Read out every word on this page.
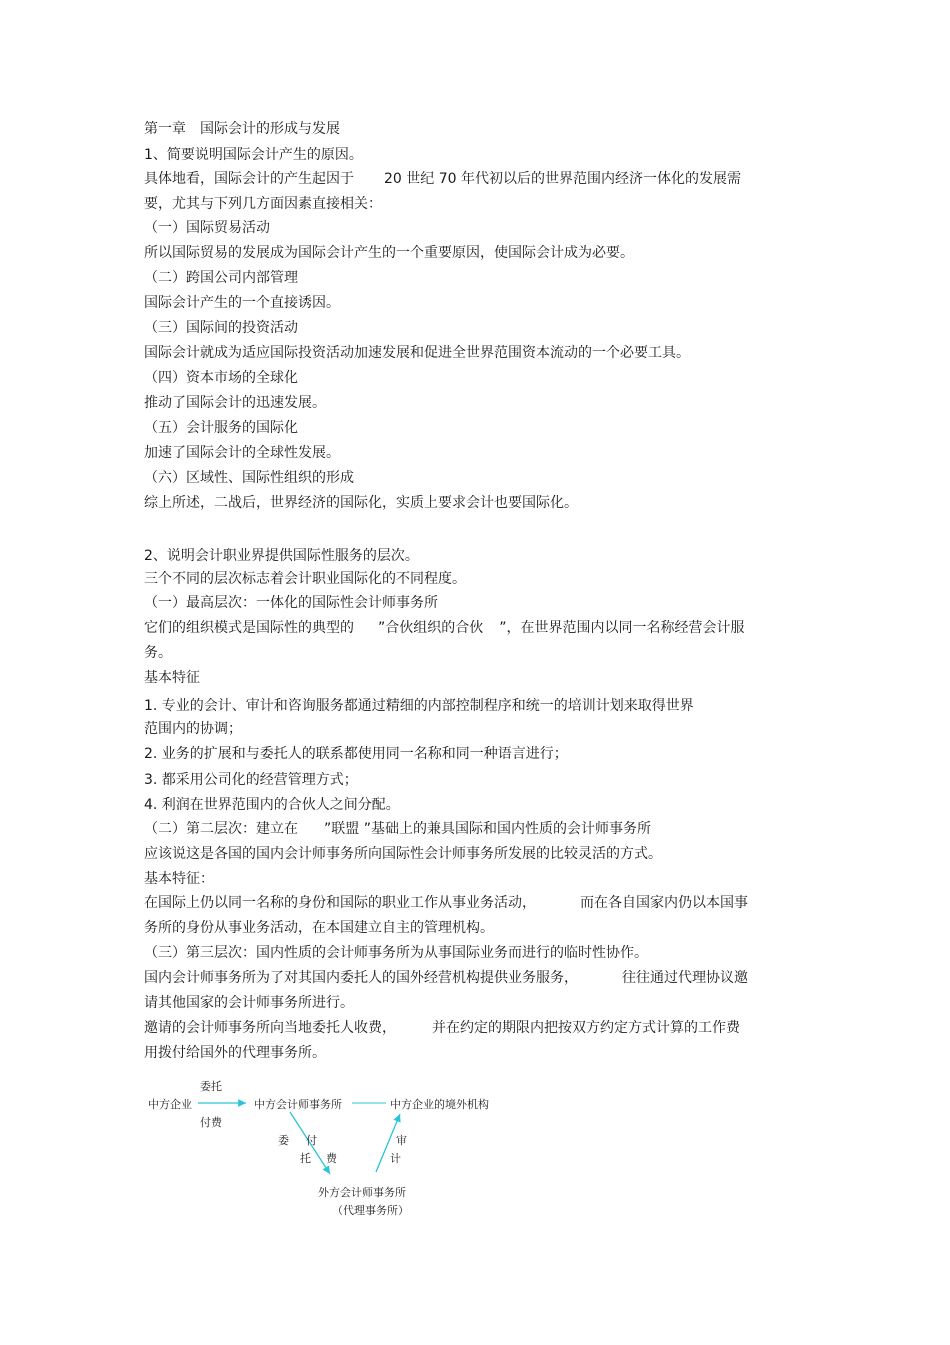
第一章　国际会计的形成与发展
1、简要说明国际会计产生的原因。
具体地看，国际会计的产生起因于 20 世纪 70 年代初以后的世界范围内经济一体化的发展需
要，尤其与下列几方面因素直接相关：
（一）国际贸易活动
所以国际贸易的发展成为国际会计产生的一个重要原因，使国际会计成为必要。
（二）跨国公司内部管理
国际会计产生的一个直接诱因。
（三）国际间的投资活动
国际会计就成为适应国际投资活动加速发展和促进全世界范围资本流动的一个必要工具。
（四）资本市场的全球化
推动了国际会计的迅速发展。
（五）会计服务的国际化
加速了国际会计的全球性发展。
（六）区域性、国际性组织的形成
综上所述，二战后，世界经济的国际化，实质上要求会计也要国际化。
2、说明会计职业界提供国际性服务的层次。
三个不同的层次标志着会计职业国际化的不同程度。
（一）最高层次：一体化的国际性会计师事务所
它们的组织模式是国际性的典型的 ”合伙组织的合伙 ”，在世界范围内以同一名称经营会计服
务。
基本特征
1. 专业的会计、审计和咨询服务都通过精细的内部控制程序和统一的培训计划来取得世界
范围内的协调；
2. 业务的扩展和与委托人的联系都使用同一名称和同一种语言进行；
3. 都采用公司化的经营管理方式；
4. 利润在世界范围内的合伙人之间分配。
（二）第二层次：建立在 ”联盟 ”基础上的兼具国际和国内性质的会计师事务所
应该说这是各国的国内会计师事务所向国际性会计师事务所发展的比较灵活的方式。
基本特征：
在国际上仍以同一名称的身份和国际的职业工作从事业务活动，	而在各自国家内仍以本国事
务所的身份从事业务活动，在本国建立自主的管理机构。
（三）第三层次：国内性质的会计师事务所为从事国际业务而进行的临时性协作。
国内会计师事务所为了对其国内委托人的国外经营机构提供业务服务，	往往通过代理协议邀
请其他国家的会计师事务所进行。
邀请的会计师事务所向当地委托人收费，	并在约定的期限内把按双方约定方式计算的工作费
用拨付给国外的代理事务所。
中方企业
委托
付费
中方会计师事务所	中方企业的境外机构
委 付
托 费
审
计
外方会计师事务所
（代理事务所）
